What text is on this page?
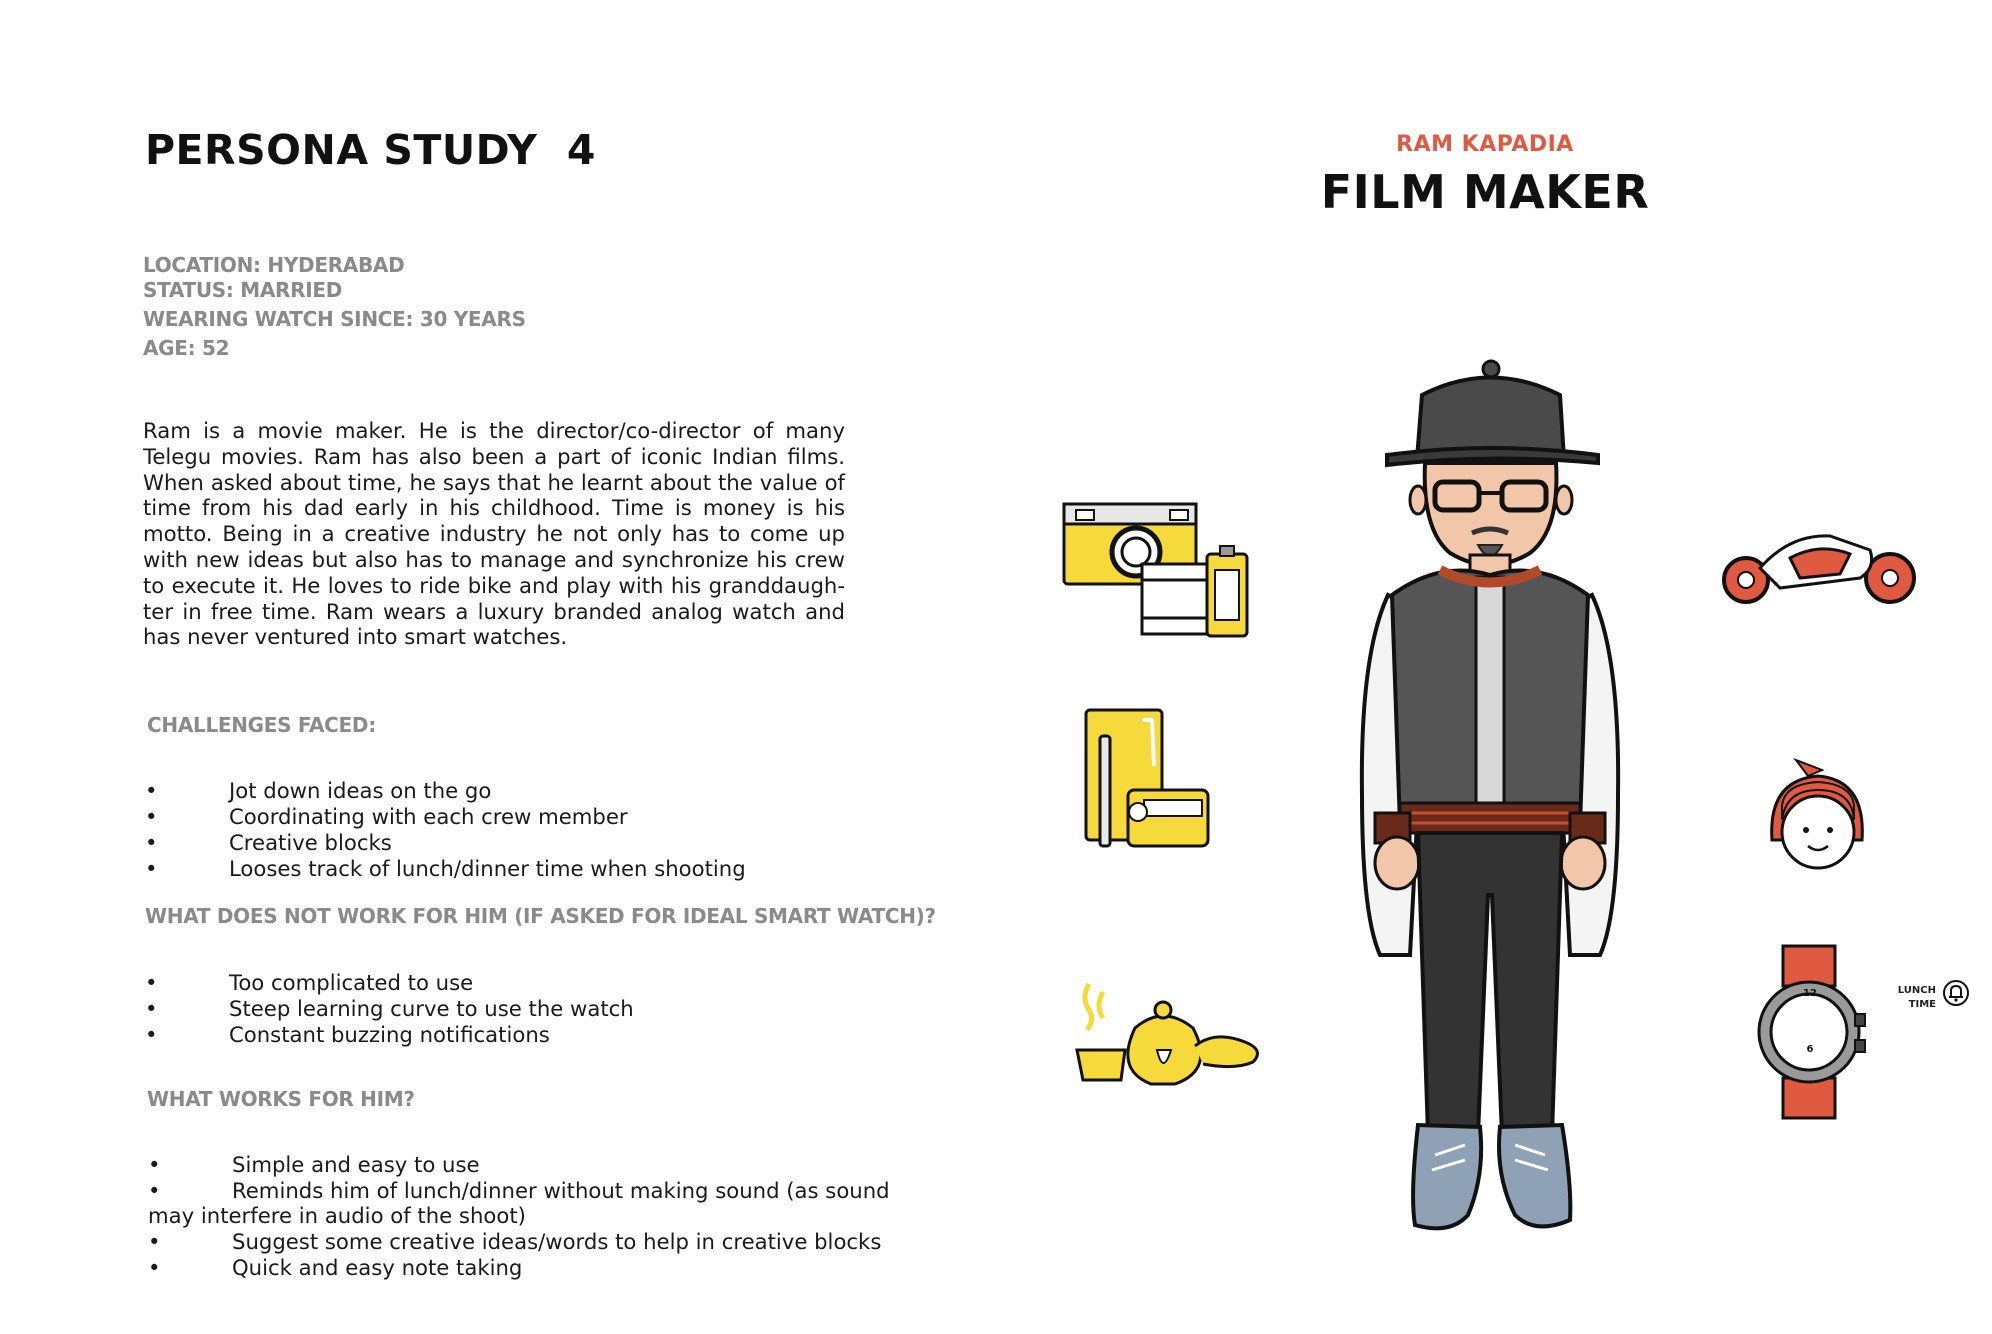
PERSONA STUDY  4
LOCATION: HYDERABAD
STATUS: MARRIED
WEARING WATCH SINCE: 30 YEARS
AGE: 52
Ram is a movie maker. He is the director/co-director of many Telegu movies. Ram has also been a part of iconic Indian films. When asked about time, he says that he learnt about the value of time from his dad early in his childhood. Time is money is his motto. Being in a creative industry he not only has to come up with new ideas but also has to manage and synchronize his crew to execute it. He loves to ride bike and play with his granddaugh-ter in free time. Ram wears a luxury branded analog watch and has never ventured into smart watches.
CHALLENGES FACED:
•	Jot down ideas on the go
•	Coordinating with each crew member
•	Creative blocks
•	Looses track of lunch/dinner time when shooting
WHAT DOES NOT WORK FOR HIM (IF ASKED FOR IDEAL SMART WATCH)?
•	Too complicated to use
•	Steep learning curve to use the watch
•	Constant buzzing notifications
WHAT WORKS FOR HIM?
•	Simple and easy to use
•	Reminds him of lunch/dinner without making sound (as sound
may interfere in audio of the shoot)
•	Suggest some creative ideas/words to help in creative blocks
•	Quick and easy note taking
RAM KAPADIA
FILM MAKER
12
6
LUNCH
TIME
